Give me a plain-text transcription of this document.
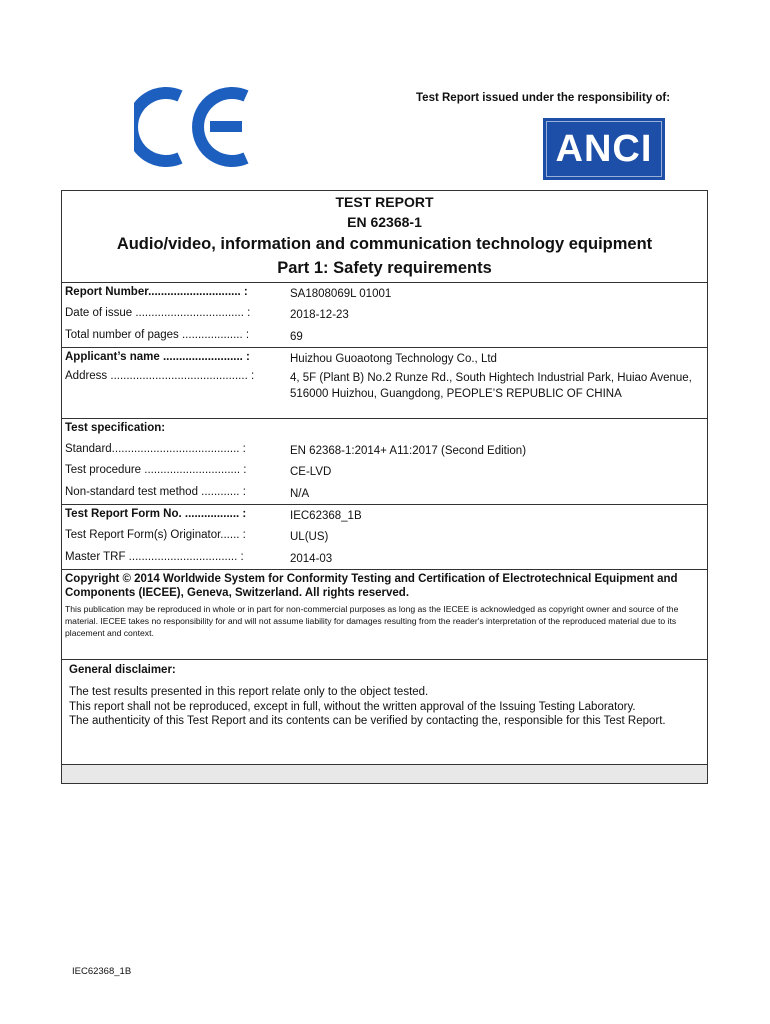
Test Report issued under the responsibility of:
ANCI
TEST REPORT
EN 62368-1
Audio/video, information and communication technology equipment
Part 1: Safety requirements
Report Number............................. :	SA1808069L 01001
Date of issue .................................. :	2018-12-23
Total number of pages ................... :	69
Applicant’s name ......................... :	Huizhou Guoaotong Technology Co., Ltd
Address ........................................... :	4, 5F (Plant B) No.2 Runze Rd., South Hightech Industrial Park, Huiao Avenue, 516000 Huizhou, Guangdong, PEOPLE’S REPUBLIC OF CHINA
Test specification:
Standard........................................ :	EN 62368-1:2014+ A11:2017 (Second Edition)
Test procedure .............................. :	CE-LVD
Non-standard test method ............ :	N/A
Test Report Form No. ................. :	IEC62368_1B
Test Report Form(s) Originator...... :	UL(US)
Master TRF .................................. :	2014-03
Copyright © 2014 Worldwide System for Conformity Testing and Certification of Electrotechnical Equipment and Components (IECEE), Geneva, Switzerland. All rights reserved.
This publication may be reproduced in whole or in part for non-commercial purposes as long as the IECEE is acknowledged as copyright owner and source of the material. IECEE takes no responsibility for and will not assume liability for damages resulting from the reader's interpretation of the reproduced material due to its placement and context.
General disclaimer:
The test results presented in this report relate only to the object tested.
This report shall not be reproduced, except in full, without the written approval of the Issuing Testing Laboratory.
The authenticity of this Test Report and its contents can be verified by contacting the, responsible for this Test Report.
IEC62368_1B
